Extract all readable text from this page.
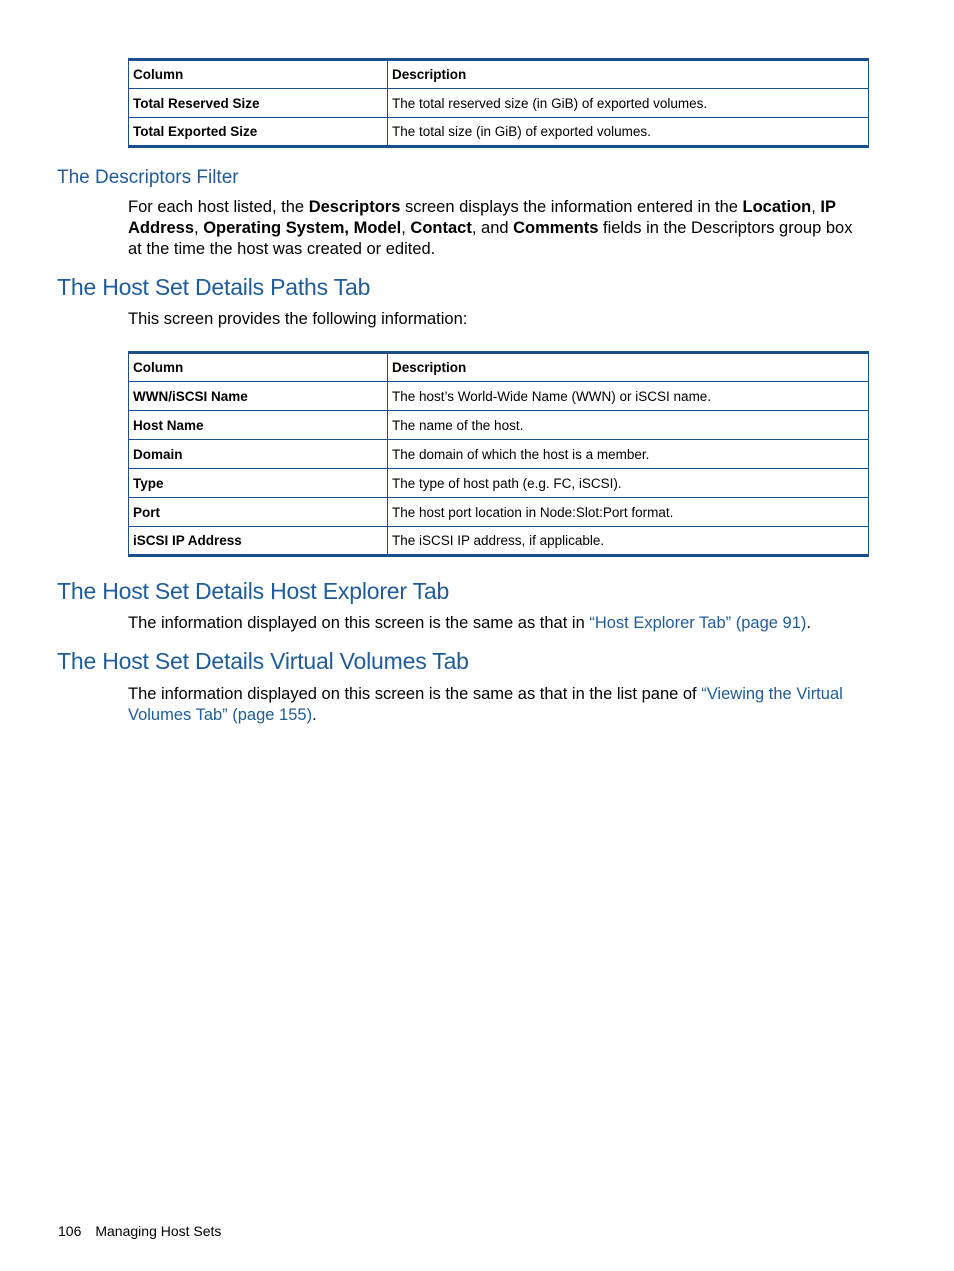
Column	Description
Total Reserved Size	The total reserved size (in GiB) of exported volumes.
Total Exported Size	The total size (in GiB) of exported volumes.
The Descriptors Filter
For each host listed, the Descriptors screen displays the information entered in the Location, IP Address, Operating System, Model, Contact, and Comments fields in the Descriptors group box at the time the host was created or edited.
The Host Set Details Paths Tab
This screen provides the following information:
Column	Description
WWN/iSCSI Name	The host’s World-Wide Name (WWN) or iSCSI name.
Host Name	The name of the host.
Domain	The domain of which the host is a member.
Type	The type of host path (e.g. FC, iSCSI).
Port	The host port location in Node:Slot:Port format.
iSCSI IP Address	The iSCSI IP address, if applicable.
The Host Set Details Host Explorer Tab
The information displayed on this screen is the same as that in “Host Explorer Tab” (page 91).
The Host Set Details Virtual Volumes Tab
The information displayed on this screen is the same as that in the list pane of “Viewing the Virtual Volumes Tab” (page 155).
106 Managing Host Sets
